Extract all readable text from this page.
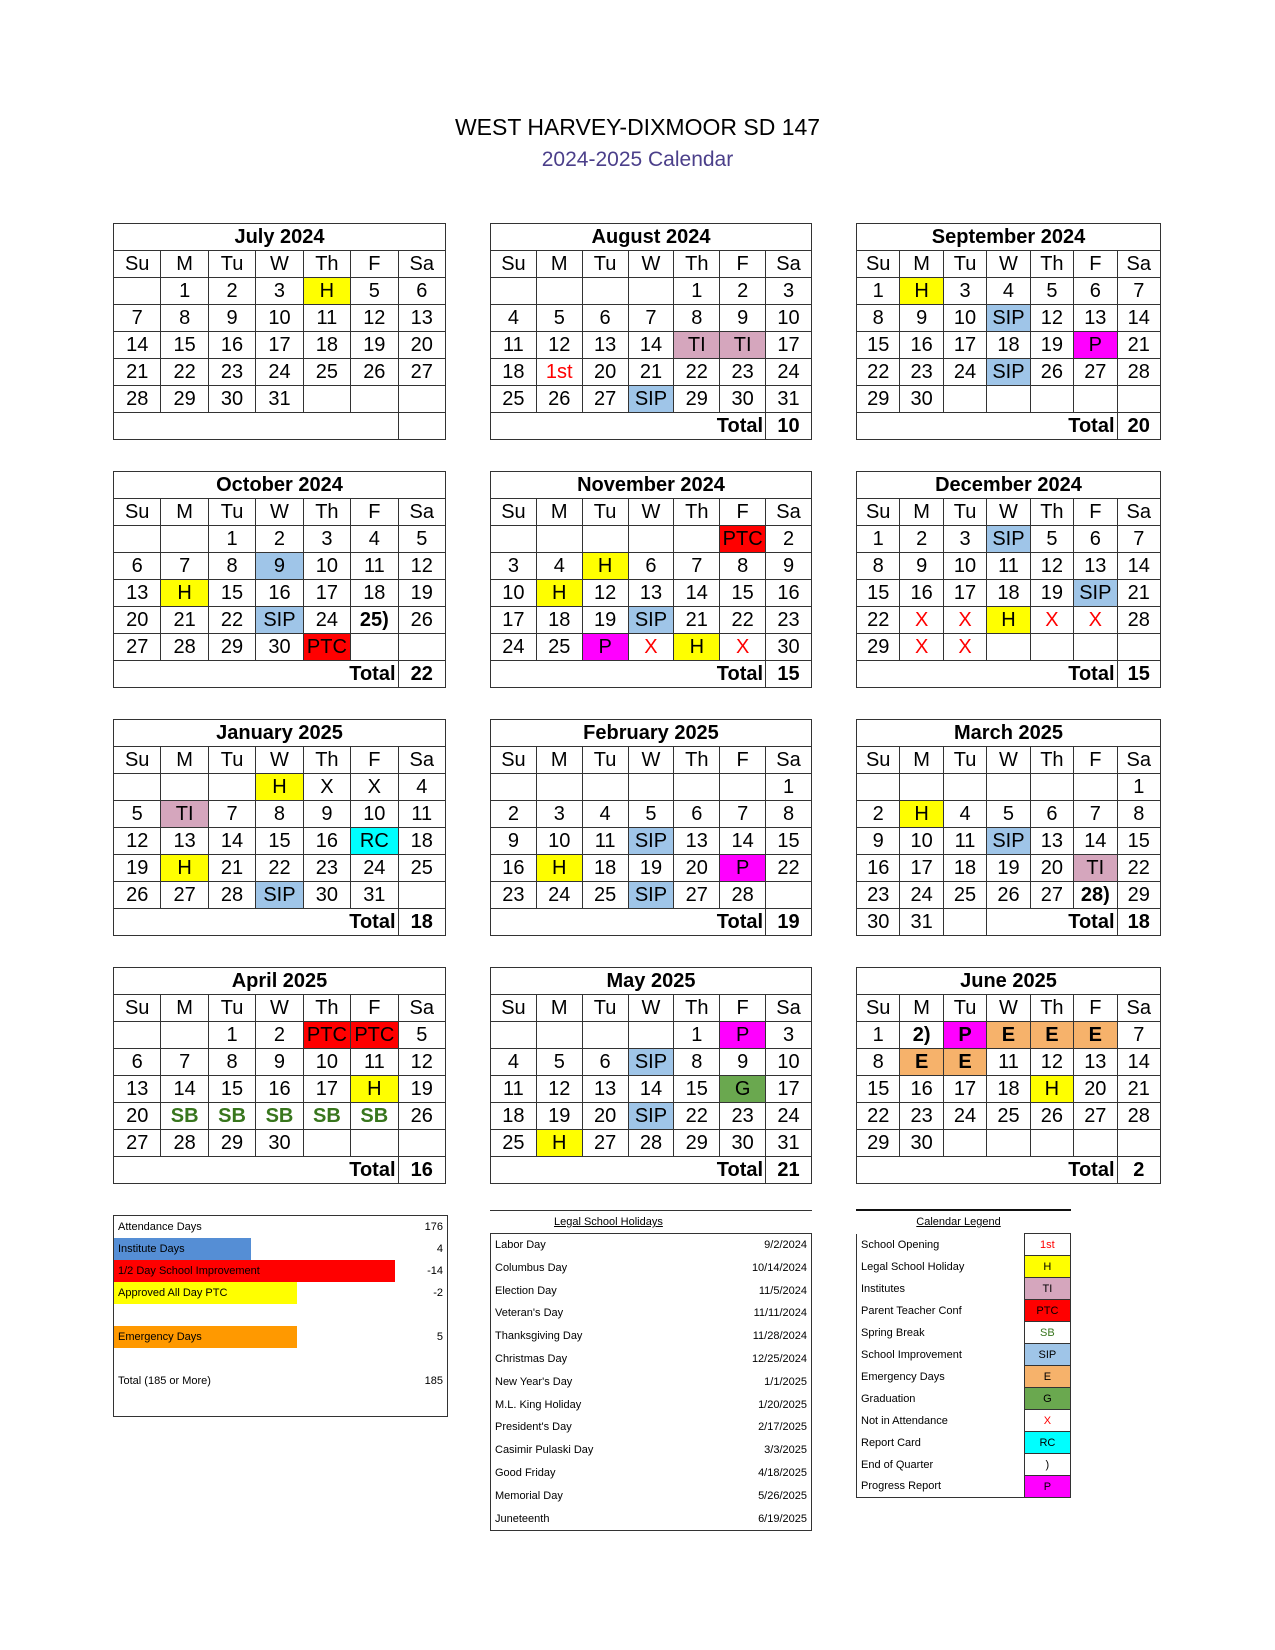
WEST HARVEY-DIXMOOR SD 147
2024-2025 Calendar
July 2024						
Su	M	Tu	W	Th	F	Sa
	1	2	3	H	5	6
7	8	9	10	11	12	13
14	15	16	17	18	19	20
21	22	23	24	25	26	27
28	29	30	31			

August 2024						
Su	M	Tu	W	Th	F	Sa
				1	2	3
4	5	6	7	8	9	10
11	12	13	14	TI	TI	17
18	1st	20	21	22	23	24
25	26	27	SIP	29	30	31
Total						10
September 2024						
Su	M	Tu	W	Th	F	Sa
1	H	3	4	5	6	7
8	9	10	SIP	12	13	14
15	16	17	18	19	P	21
22	23	24	SIP	26	27	28
29	30					
Total						20
October 2024						
Su	M	Tu	W	Th	F	Sa
		1	2	3	4	5
6	7	8	9	10	11	12
13	H	15	16	17	18	19
20	21	22	SIP	24	25)	26
27	28	29	30	PTC		
Total						22
November 2024						
Su	M	Tu	W	Th	F	Sa
					PTC	2
3	4	H	6	7	8	9
10	H	12	13	14	15	16
17	18	19	SIP	21	22	23
24	25	P	X	H	X	30
Total						15
December 2024						
Su	M	Tu	W	Th	F	Sa
1	2	3	SIP	5	6	7
8	9	10	11	12	13	14
15	16	17	18	19	SIP	21
22	X	X	H	X	X	28
29	X	X				
Total						15
January 2025						
Su	M	Tu	W	Th	F	Sa
			H	X	X	4
5	TI	7	8	9	10	11
12	13	14	15	16	RC	18
19	H	21	22	23	24	25
26	27	28	SIP	30	31	
Total						18
February 2025						
Su	M	Tu	W	Th	F	Sa
						1
2	3	4	5	6	7	8
9	10	11	SIP	13	14	15
16	H	18	19	20	P	22
23	24	25	SIP	27	28	
Total						19
March 2025						
Su	M	Tu	W	Th	F	Sa
						1
2	H	4	5	6	7	8
9	10	11	SIP	13	14	15
16	17	18	19	20	TI	22
23	24	25	26	27	28)	29
30	31		Total			18
April 2025						
Su	M	Tu	W	Th	F	Sa
		1	2	PTC	PTC	5
6	7	8	9	10	11	12
13	14	15	16	17	H	19
20	SB	SB	SB	SB	SB	26
27	28	29	30			
Total						16
May 2025						
Su	M	Tu	W	Th	F	Sa
				1	P	3
4	5	6	SIP	8	9	10
11	12	13	14	15	G	17
18	19	20	SIP	22	23	24
25	H	27	28	29	30	31
Total						21
June 2025						
Su	M	Tu	W	Th	F	Sa
1	2)	P	E	E	E	7
8	E	E	11	12	13	14
15	16	17	18	H	20	21
22	23	24	25	26	27	28
29	30					
Total						2
Attendance Days	176
Institute Days	4
1/2 Day School Improvement	-14
Approved All Day PTC	-2
Emergency Days	5
Total (185 or More)	185
Legal School Holidays
Labor Day	9/2/2024
Columbus Day	10/14/2024
Election Day	11/5/2024
Veteran's Day	11/11/2024
Thanksgiving Day	11/28/2024
Christmas Day	12/25/2024
New Year's Day	1/1/2025
M.L. King Holiday	1/20/2025
President's Day	2/17/2025
Casimir Pulaski Day	3/3/2025
Good Friday	4/18/2025
Memorial Day	5/26/2025
Juneteenth	6/19/2025
Calendar Legend
School Opening	1st
Legal School Holiday	H
Institutes	TI
Parent Teacher Conf	PTC
Spring Break	SB
School Improvement	SIP
Emergency Days	E
Graduation	G
Not in Attendance	X
Report Card	RC
End of Quarter	)
Progress Report	P
